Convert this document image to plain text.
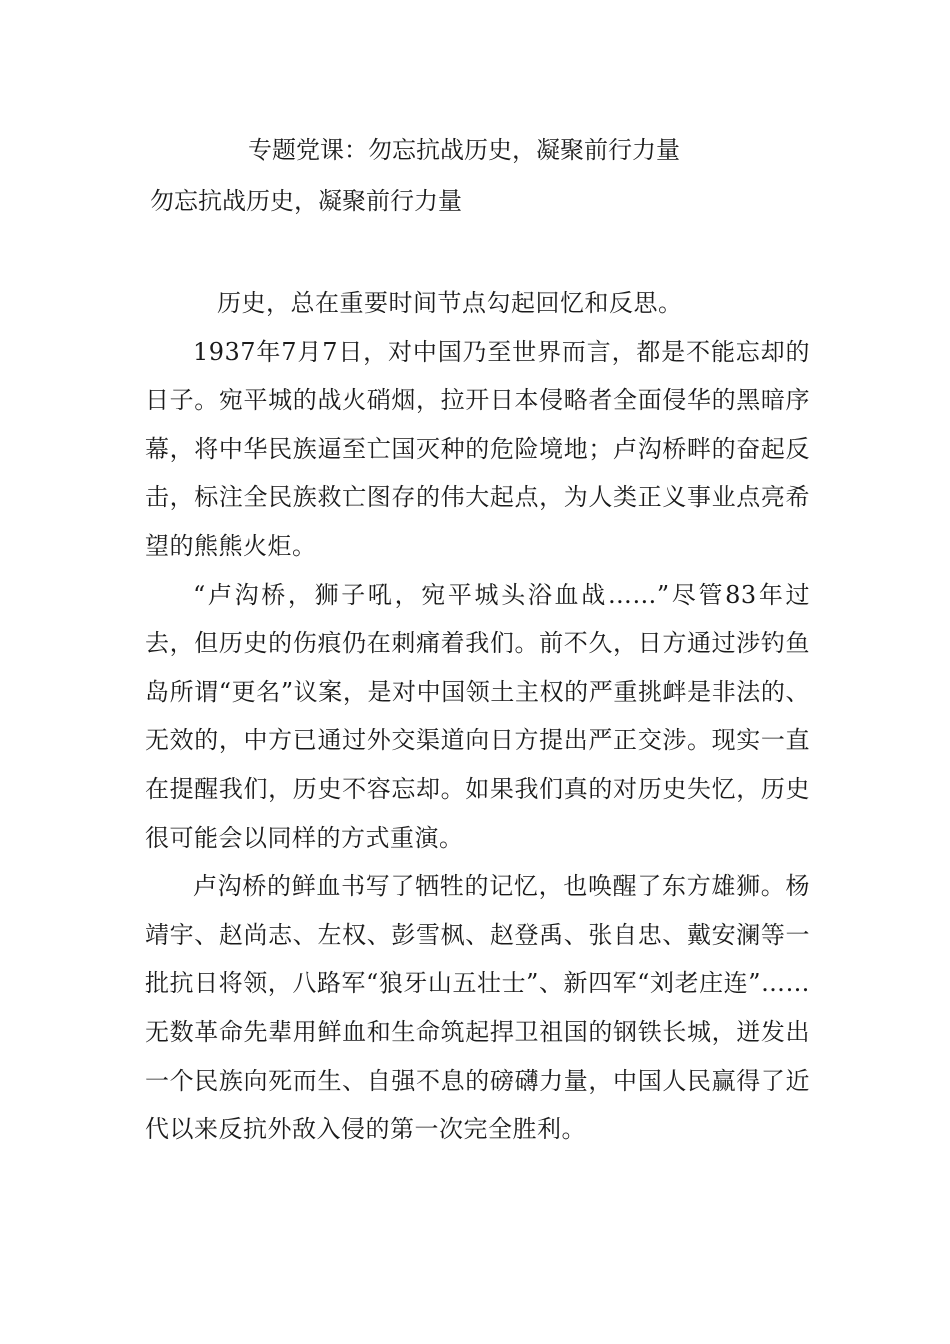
专题党课：勿忘抗战历史，凝聚前行力量
勿忘抗战历史，凝聚前行力量

历史，总在重要时间节点勾起回忆和反思。

1937年7月7日，对中国乃至世界而言，都是不能忘却的日子。宛平城的战火硝烟，拉开日本侵略者全面侵华的黑暗序幕，将中华民族逼至亡国灭种的危险境地；卢沟桥畔的奋起反击，标注全民族救亡图存的伟大起点，为人类正义事业点亮希望的熊熊火炬。

“卢沟桥，狮子吼，宛平城头浴血战……”尽管83年过去，但历史的伤痕仍在刺痛着我们。前不久，日方通过涉钓鱼岛所谓“更名”议案，是对中国领土主权的严重挑衅是非法的、无效的，中方已通过外交渠道向日方提出严正交涉。现实一直在提醒我们，历史不容忘却。如果我们真的对历史失忆，历史很可能会以同样的方式重演。

卢沟桥的鲜血书写了牺牲的记忆，也唤醒了东方雄狮。杨靖宇、赵尚志、左权、彭雪枫、赵登禹、张自忠、戴安澜等一批抗日将领，八路军“狼牙山五壮士”、新四军“刘老庄连”……无数革命先辈用鲜血和生命筑起捍卫祖国的钢铁长城，迸发出一个民族向死而生、自强不息的磅礴力量，中国人民赢得了近代以来反抗外敌入侵的第一次完全胜利。
